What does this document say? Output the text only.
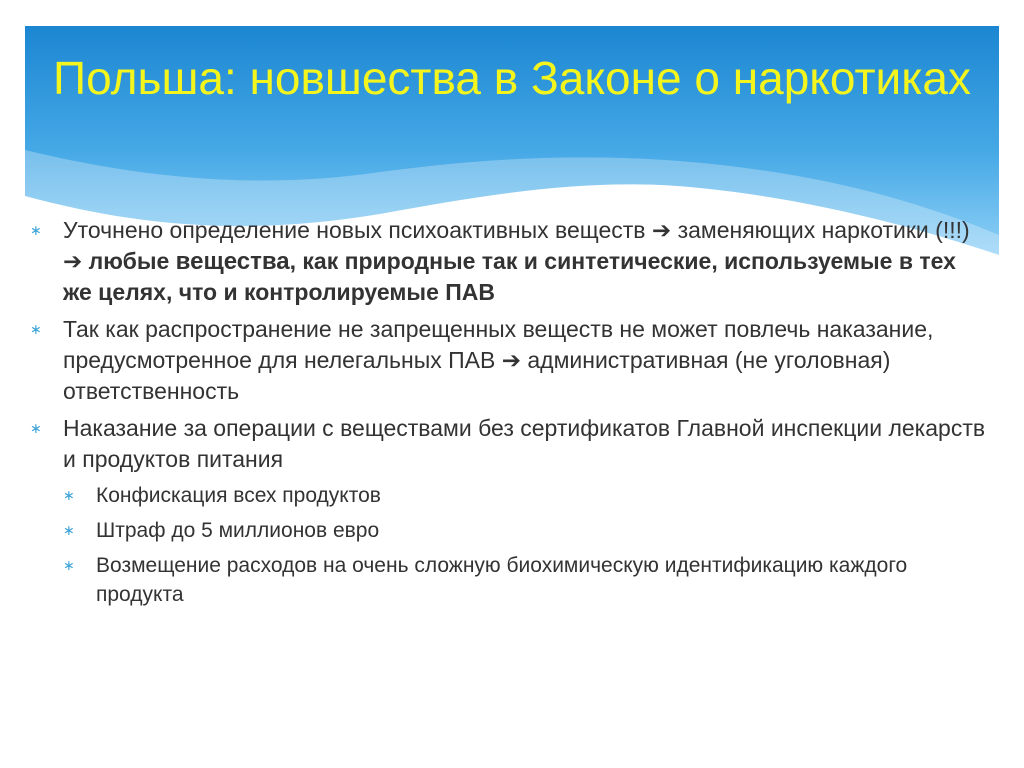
Польша: новшества в Законе о наркотиках
∗ Уточнено определение новых психоактивных веществ ➔ заменяющих наркотики (!!!) ➔ любые вещества, как природные так и синтетические, используемые в тех же целях, что и контролируемые ПАВ
∗ Так как распространение не запрещенных веществ не может повлечь наказание, предусмотренное для нелегальных ПАВ ➔ административная (не уголовная) ответственность
∗ Наказание за операции с веществами без сертификатов Главной инспекции лекарств и продуктов питания
∗ Конфискация всех продуктов
∗ Штраф до 5 миллионов евро
∗ Возмещение расходов на очень сложную биохимическую идентификацию каждого продукта
